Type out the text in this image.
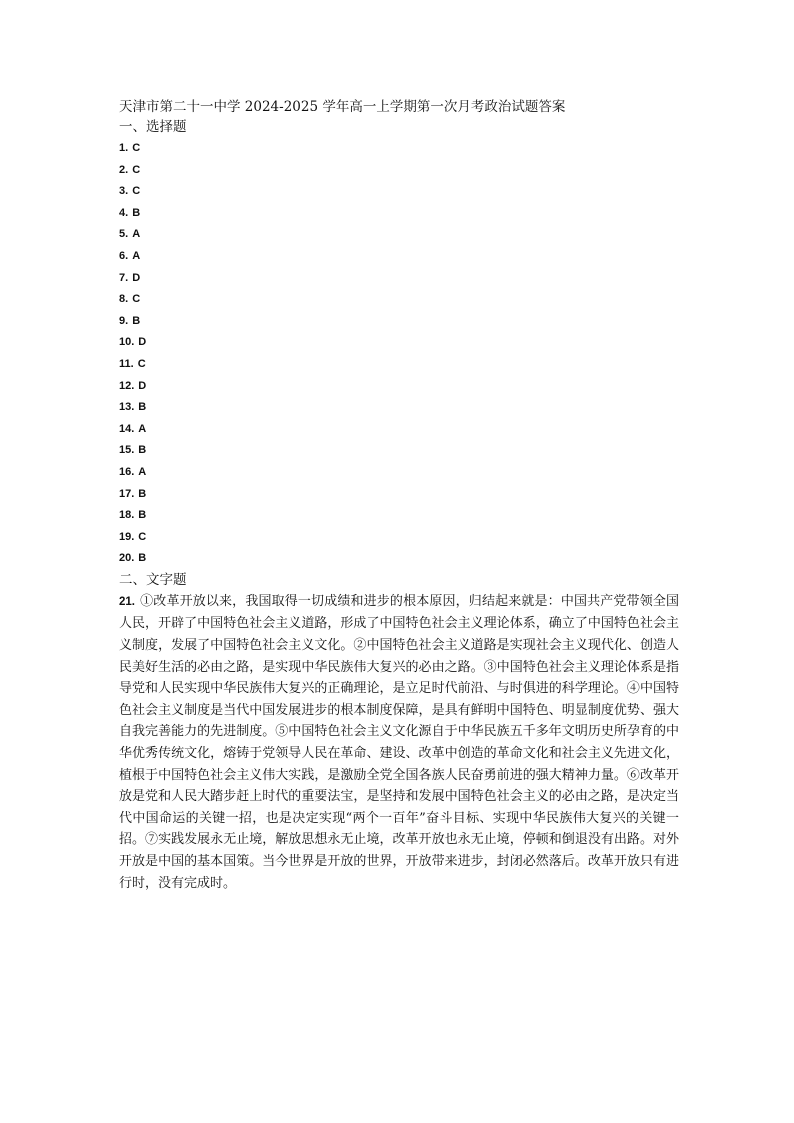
天津市第二十一中学 2024-2025 学年高一上学期第一次月考政治试题答案
一、选择题
1. C
2. C
3. C
4. B
5. A
6. A
7. D
8. C
9. B
10. D
11. C
12. D
13. B
14. A
15. B
16. A
17. B
18. B
19. C
20. B
二、文字题

21. ①改革开放以来，我国取得一切成绩和进步的根本原因，归结起来就是：中国共产党带领全国人民，开辟了中国特色社会主义道路，形成了中国特色社会主义理论体系，确立了中国特色社会主义制度，发展了中国特色社会主义文化。②中国特色社会主义道路是实现社会主义现代化、创造人民美好生活的必由之路，是实现中华民族伟大复兴的必由之路。③中国特色社会主义理论体系是指导党和人民实现中华民族伟大复兴的正确理论，是立足时代前沿、与时俱进的科学理论。④中国特色社会主义制度是当代中国发展进步的根本制度保障，是具有鲜明中国特色、明显制度优势、强大自我完善能力的先进制度。⑤中国特色社会主义文化源自于中华民族五千多年文明历史所孕育的中华优秀传统文化，熔铸于党领导人民在革命、建设、改革中创造的革命文化和社会主义先进文化，植根于中国特色社会主义伟大实践，是激励全党全国各族人民奋勇前进的强大精神力量。⑥改革开放是党和人民大踏步赶上时代的重要法宝，是坚持和发展中国特色社会主义的必由之路，是决定当代中国命运的关键一招，也是决定实现“两个一百年”奋斗目标、实现中华民族伟大复兴的关键一招。⑦实践发展永无止境，解放思想永无止境，改革开放也永无止境，停顿和倒退没有出路。对外开放是中国的基本国策。当今世界是开放的世界，开放带来进步，封闭必然落后。改革开放只有进行时，没有完成时。
